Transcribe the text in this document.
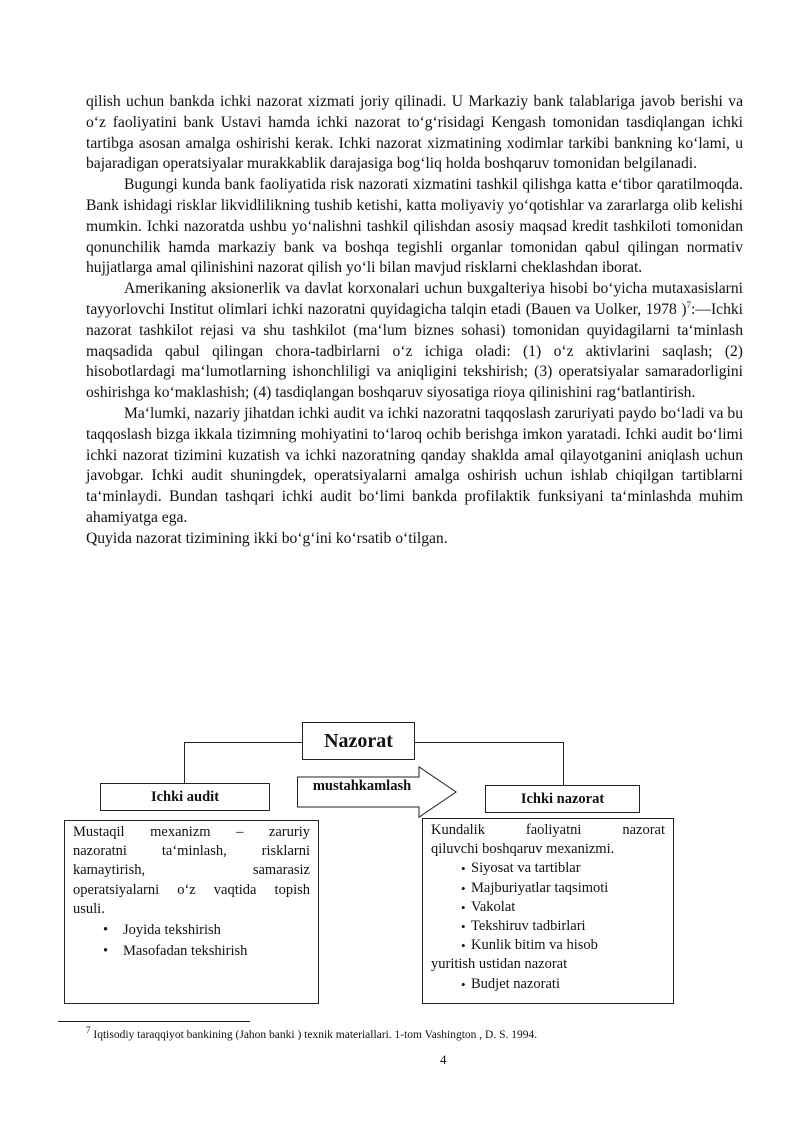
qilish uchun bankda ichki nazorat xizmati joriy qilinadi. U Markaziy bank talablariga javob berishi va o‘z faoliyatini bank Ustavi hamda ichki nazorat to‘g‘risidagi Kengash tomonidan tasdiqlangan ichki tartibga asosan amalga oshirishi kerak. Ichki nazorat xizmatining xodimlar tarkibi bankning ko‘lami, u bajaradigan operatsiyalar murakkablik darajasiga bog‘liq holda boshqaruv tomonidan belgilanadi.

Bugungi kunda bank faoliyatida risk nazorati xizmatini tashkil qilishga katta e‘tibor qaratilmoqda. Bank ishidagi risklar likvidlilikning tushib ketishi, katta moliyaviy yo‘qotishlar va zararlarga olib kelishi mumkin. Ichki nazoratda ushbu yo‘nalishni tashkil qilishdan asosiy maqsad kredit tashkiloti tomonidan qonunchilik hamda markaziy bank va boshqa tegishli organlar tomonidan qabul qilingan normativ hujjatlarga amal qilinishini nazorat qilish yo‘li bilan mavjud risklarni cheklashdan iborat.

Amerikaning aksionerlik va davlat korxonalari uchun buxgalteriya hisobi bo‘yicha mutaxasislarni tayyorlovchi Institut olimlari ichki nazoratni quyidagicha talqin etadi (Bauen va Uolker, 1978 )$^7$:—Ichki nazorat tashkilot rejasi va shu tashkilot (ma‘lum biznes sohasi) tomonidan quyidagilarni ta‘minlash maqsadida qabul qilingan chora-tadbirlarni o‘z ichiga oladi: (1) o‘z aktivlarini saqlash; (2) hisobotlardagi ma‘lumotlarning ishonchliligi va aniqligini tekshirish; (3) operatsiyalar samaradorligini oshirishga ko‘maklashish; (4) tasdiqlangan boshqaruv siyosatiga rioya qilinishini rag‘batlantirish.

Ma‘lumki, nazariy jihatdan ichki audit va ichki nazoratni taqqoslash zaruriyati paydo bo‘ladi va bu taqqoslash bizga ikkala tizimning mohiyatini to‘laroq ochib berishga imkon yaratadi. Ichki audit bo‘limi ichki nazorat tizimini kuzatish va ichki nazoratning qanday shaklda amal qilayotganini aniqlash uchun javobgar. Ichki audit shuningdek, operatsiyalarni amalga oshirish uchun ishlab chiqilgan tartiblarni ta‘minlaydi. Bundan tashqari ichki audit bo‘limi bankda profilaktik funksiyani ta‘minlashda muhim ahamiyatga ega.

Quyida nazorat tizimining ikki bo‘g‘ini ko‘rsatib o‘tilgan.

Nazorat
mustahkamlash
Ichki audit	Ichki nazorat
Mustaqil mexanizm – zaruriy
nazoratni ta‘minlash, risklarni
kamaytirish, samarasiz
operatsiyalarni o‘z vaqtida topish
usuli.
• Joyida tekshirish
• Masofadan tekshirish
Kundalik faoliyatni nazorat
qiluvchi boshqaruv mexanizmi.
• Siyosat va tartiblar
• Majburiyatlar taqsimoti
• Vakolat
• Tekshiruv tadbirlari
• Kunlik bitim va hisob
yuritish ustidan nazorat
• Budjet nazorati
$^7$ Iqtisodiy taraqqiyot bankining (Jahon banki ) texnik materiallari. 1-tom Vashington , D. S. 1994.
4
